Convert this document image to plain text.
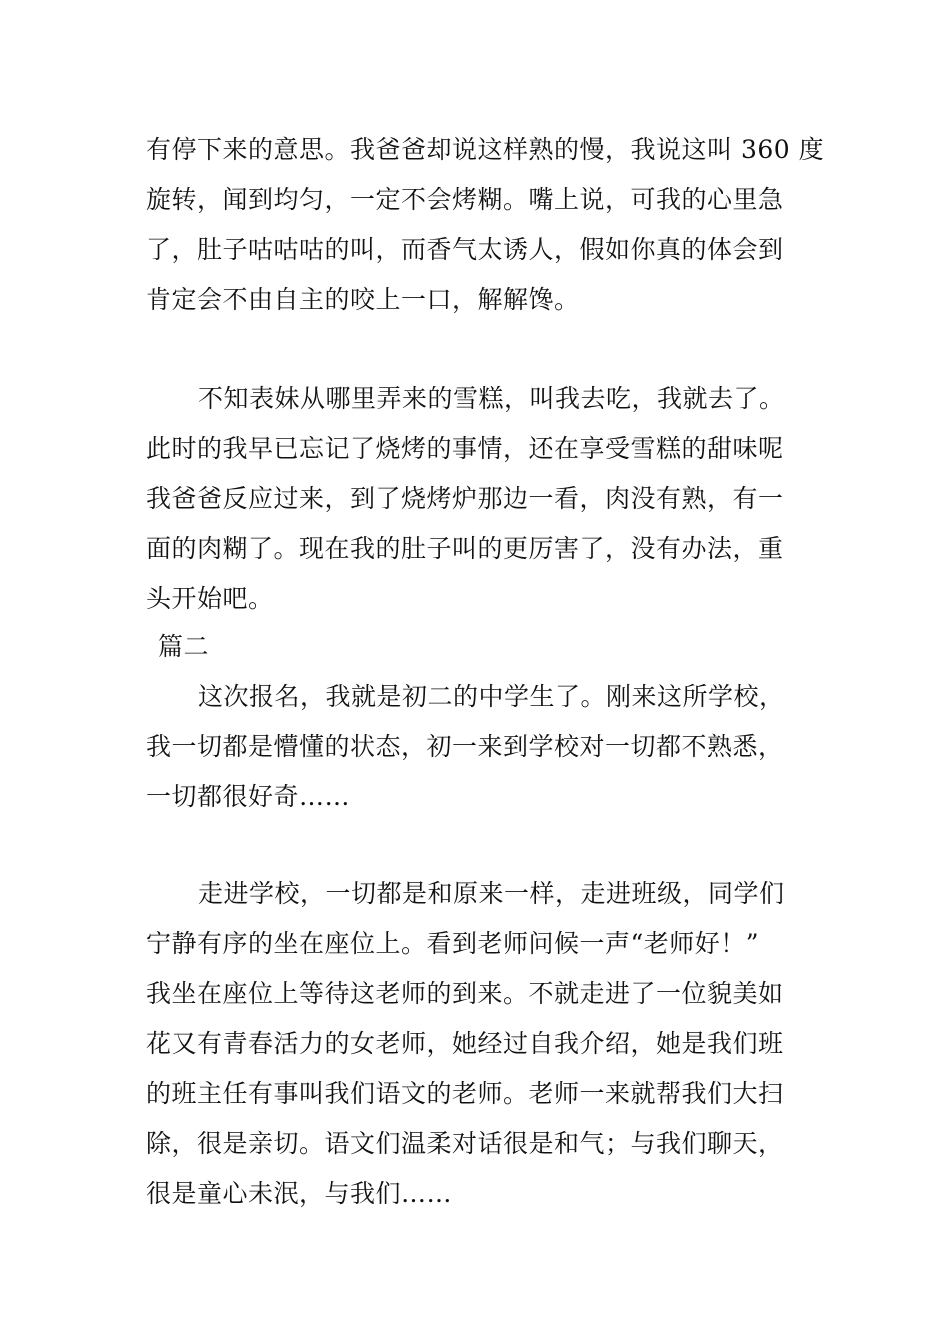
有停下来的意思。我爸爸却说这样熟的慢，我说这叫 360 度
旋转，闻到均匀，一定不会烤糊。嘴上说，可我的心里急
了，肚子咕咕咕的叫，而香气太诱人，假如你真的体会到
肯定会不由自主的咬上一口，解解馋。
不知表妹从哪里弄来的雪糕，叫我去吃，我就去了。
此时的我早已忘记了烧烤的事情，还在享受雪糕的甜味呢
我爸爸反应过来，到了烧烤炉那边一看，肉没有熟，有一
面的肉糊了。现在我的肚子叫的更厉害了，没有办法，重
头开始吧。
篇二
这次报名，我就是初二的中学生了。刚来这所学校，
我一切都是懵懂的状态，初一来到学校对一切都不熟悉，
一切都很好奇……
走进学校，一切都是和原来一样，走进班级，同学们
宁静有序的坐在座位上。看到老师问候一声“老师好！”
我坐在座位上等待这老师的到来。不就走进了一位貌美如
花又有青春活力的女老师，她经过自我介绍，她是我们班
的班主任有事叫我们语文的老师。老师一来就帮我们大扫
除，很是亲切。语文们温柔对话很是和气；与我们聊天，
很是童心未泯，与我们……
